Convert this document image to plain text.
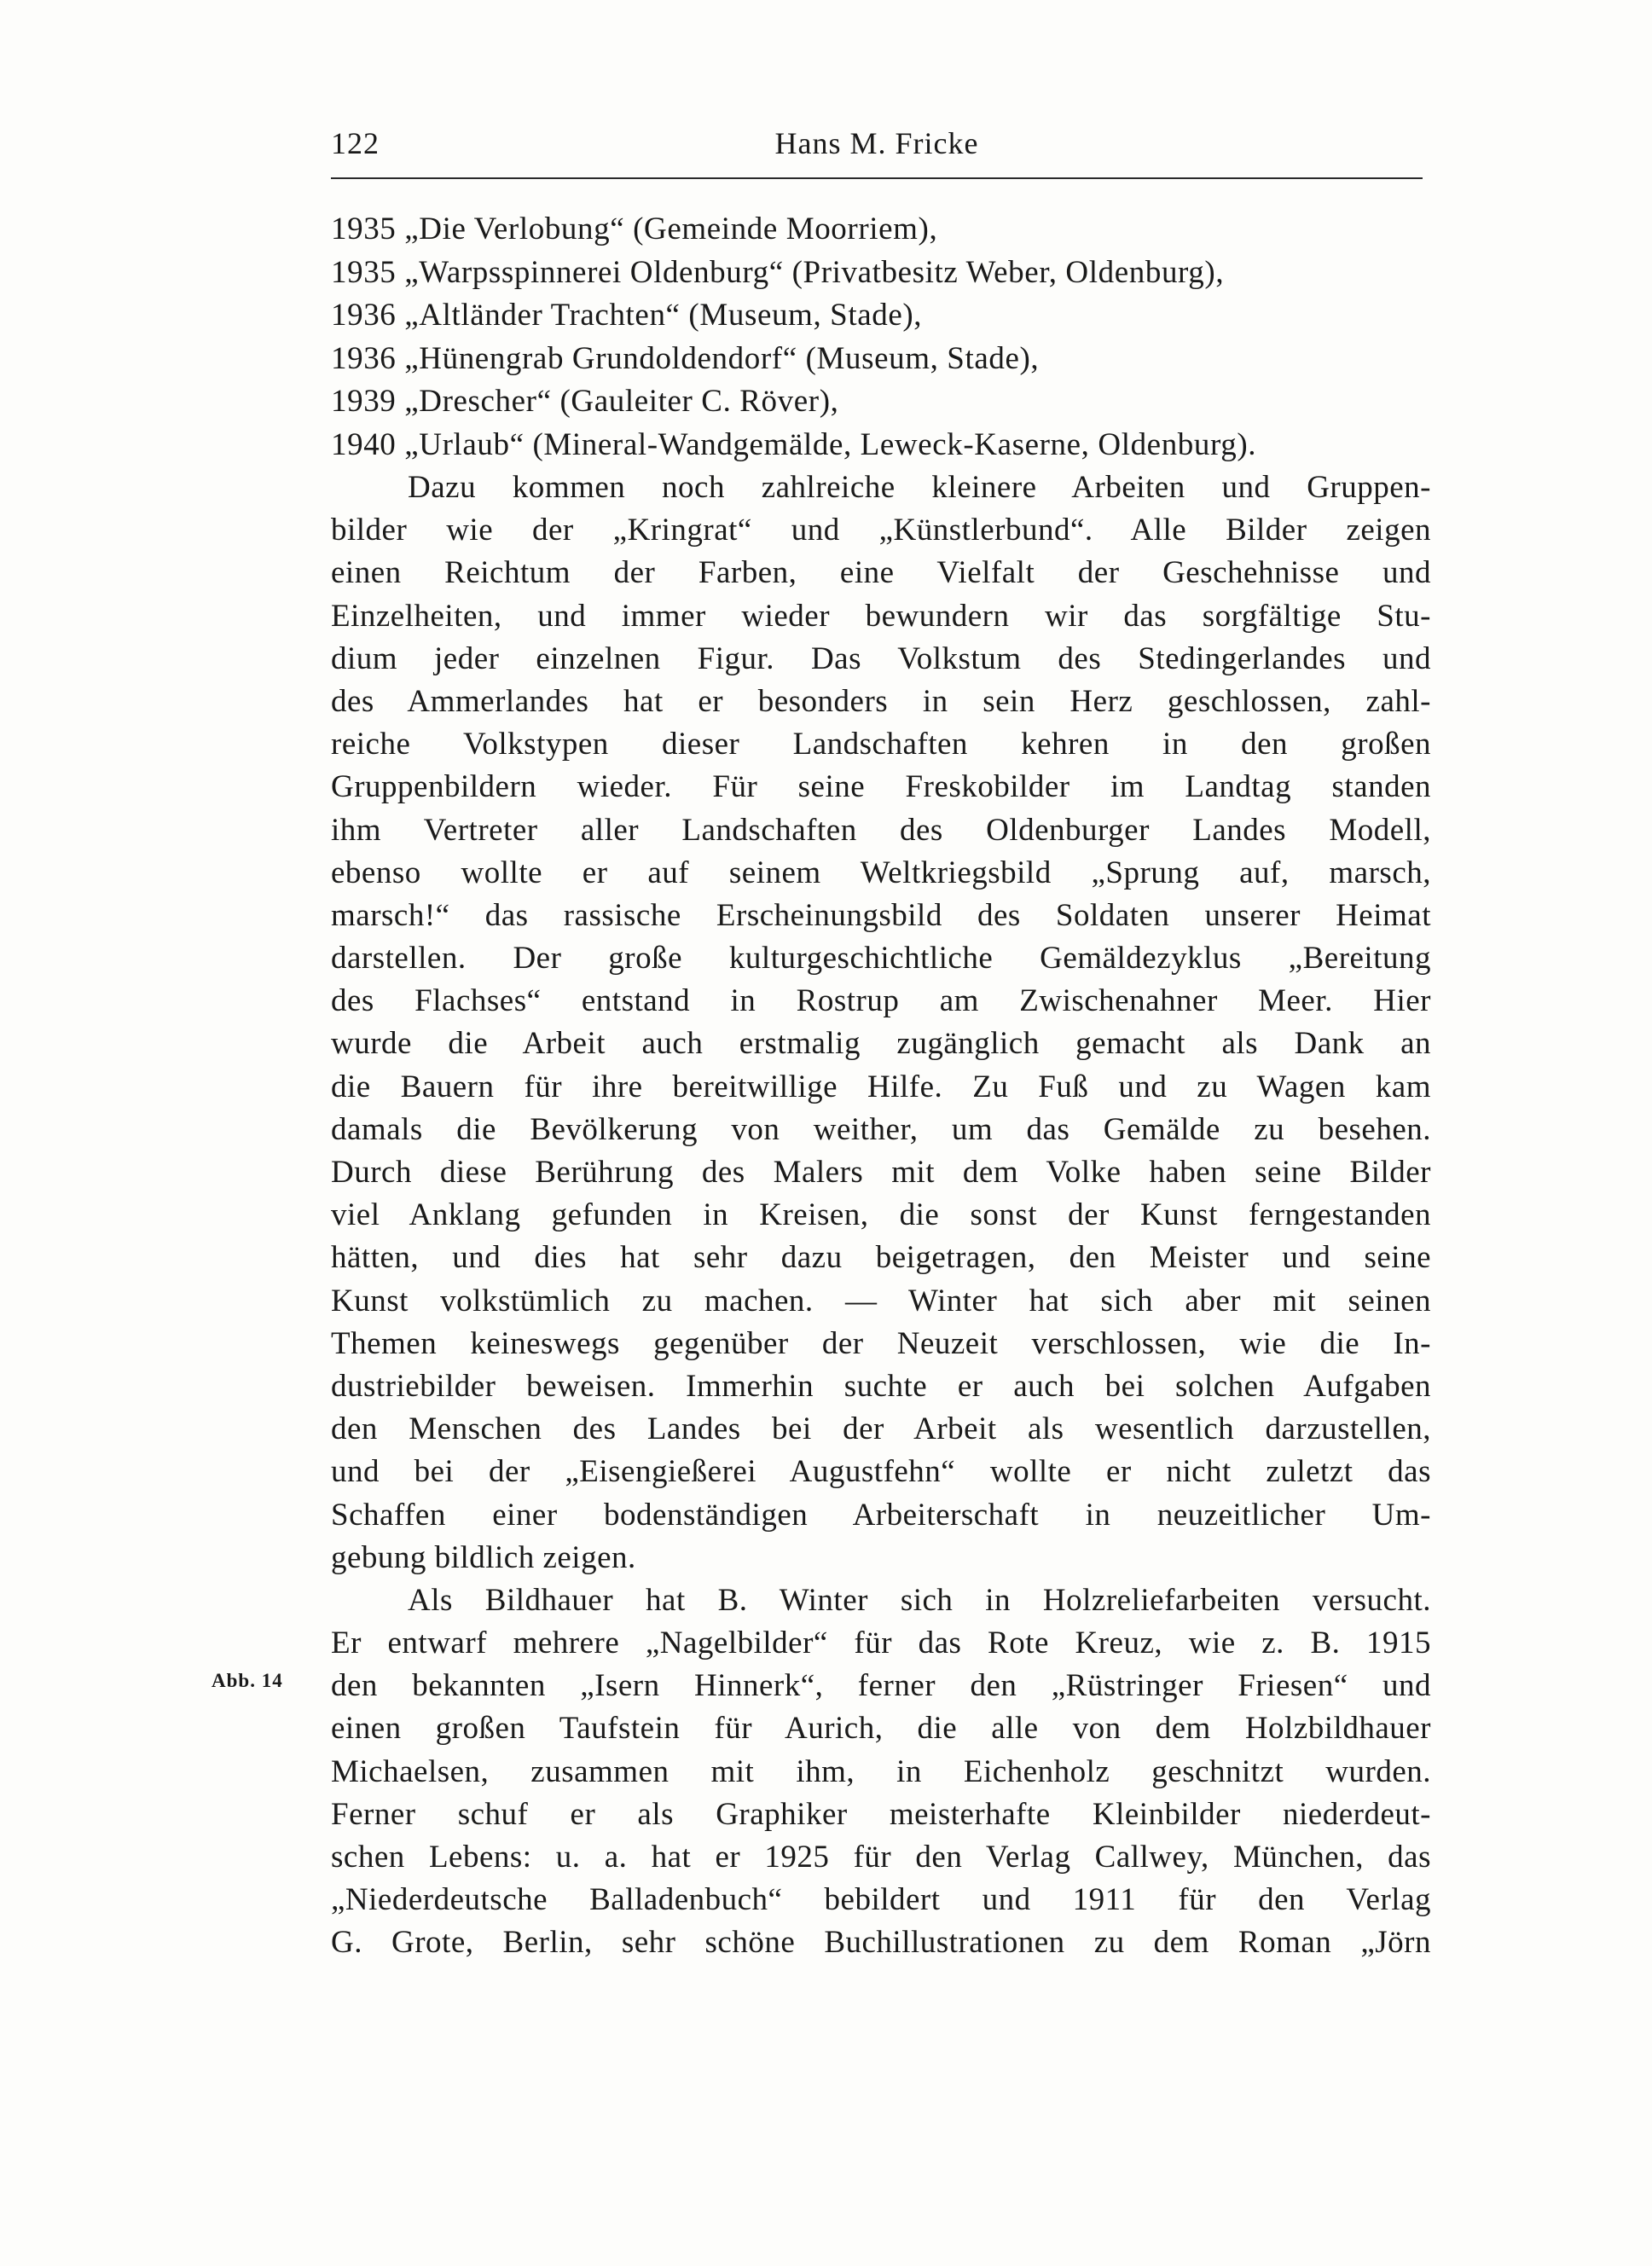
122	Hans M. Fricke
1935 „Die Verlobung“ (Gemeinde Moorriem),
1935 „Warpsspinnerei Oldenburg“ (Privatbesitz Weber, Oldenburg),
1936 „Altländer Trachten“ (Museum, Stade),
1936 „Hünengrab Grundoldendorf“ (Museum, Stade),
1939 „Drescher“ (Gauleiter C. Röver),
1940 „Urlaub“ (Mineral-Wandgemälde, Leweck-Kaserne, Oldenburg).
Dazu kommen noch zahlreiche kleinere Arbeiten und Gruppen-
bilder wie der „Kringrat“ und „Künstlerbund“. Alle Bilder zeigen
einen Reichtum der Farben, eine Vielfalt der Geschehnisse und
Einzelheiten, und immer wieder bewundern wir das sorgfältige Stu-
dium jeder einzelnen Figur. Das Volkstum des Stedingerlandes und
des Ammerlandes hat er besonders in sein Herz geschlossen, zahl-
reiche Volkstypen dieser Landschaften kehren in den großen
Gruppenbildern wieder. Für seine Freskobilder im Landtag standen
ihm Vertreter aller Landschaften des Oldenburger Landes Modell,
ebenso wollte er auf seinem Weltkriegsbild „Sprung auf, marsch,
marsch!“ das rassische Erscheinungsbild des Soldaten unserer Heimat
darstellen. Der große kulturgeschichtliche Gemäldezyklus „Bereitung
des Flachses“ entstand in Rostrup am Zwischenahner Meer. Hier
wurde die Arbeit auch erstmalig zugänglich gemacht als Dank an
die Bauern für ihre bereitwillige Hilfe. Zu Fuß und zu Wagen kam
damals die Bevölkerung von weither, um das Gemälde zu besehen.
Durch diese Berührung des Malers mit dem Volke haben seine Bilder
viel Anklang gefunden in Kreisen, die sonst der Kunst ferngestanden
hätten, und dies hat sehr dazu beigetragen, den Meister und seine
Kunst volkstümlich zu machen. — Winter hat sich aber mit seinen
Themen keineswegs gegenüber der Neuzeit verschlossen, wie die In-
dustriebilder beweisen. Immerhin suchte er auch bei solchen Aufgaben
den Menschen des Landes bei der Arbeit als wesentlich darzustellen,
und bei der „Eisengießerei Augustfehn“ wollte er nicht zuletzt das
Schaffen einer bodenständigen Arbeiterschaft in neuzeitlicher Um-
gebung bildlich zeigen.
Als Bildhauer hat B. Winter sich in Holzreliefarbeiten versucht.
Er entwarf mehrere „Nagelbilder“ für das Rote Kreuz, wie z. B. 1915
den bekannten „Isern Hinnerk“, ferner den „Rüstringer Friesen“ und
einen großen Taufstein für Aurich, die alle von dem Holzbildhauer
Michaelsen, zusammen mit ihm, in Eichenholz geschnitzt wurden.
Ferner schuf er als Graphiker meisterhafte Kleinbilder niederdeut-
schen Lebens: u. a. hat er 1925 für den Verlag Callwey, München, das
„Niederdeutsche Balladenbuch“ bebildert und 1911 für den Verlag
G. Grote, Berlin, sehr schöne Buchillustrationen zu dem Roman „Jörn
Abb. 14
